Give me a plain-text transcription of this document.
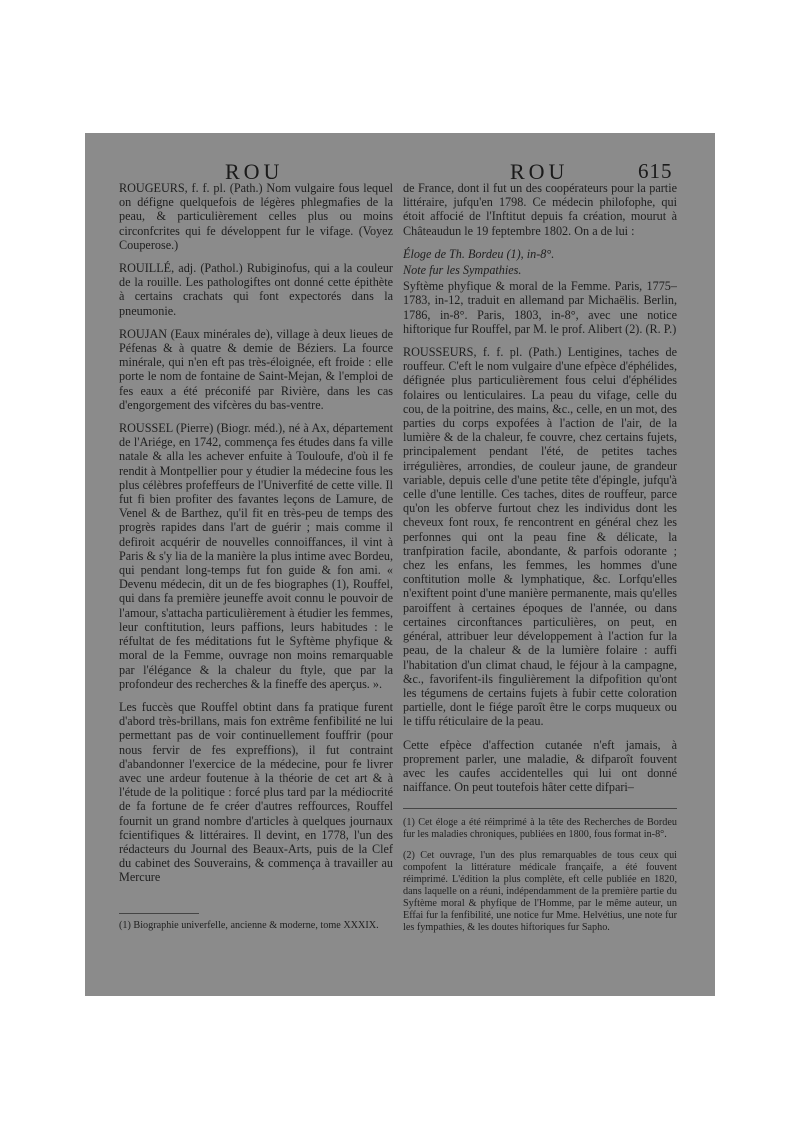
ROU	ROU	615

ROUGEURS, f. f. pl. (Path.) Nom vulgaire fous lequel on défigne quelquefois de légères phlegmafies de la peau, & particulièrement celles plus ou moins circonfcrites qui fe développent fur le vifage. (Voyez Couperose.)

ROUILLÉ, adj. (Pathol.) Rubiginofus, qui a la couleur de la rouille. Les pathologiftes ont donné cette épithète à certains crachats qui font expectorés dans la pneumonie.

ROUJAN (Eaux minérales de), village à deux lieues de Péfenas & à quatre & demie de Béziers. La fource minérale, qui n'en eft pas très-éloignée, eft froide : elle porte le nom de fontaine de Saint-Mejan, & l'emploi de fes eaux a été préconifé par Rivière, dans les cas d'engorgement des vifcères du bas-ventre.

ROUSSEL (Pierre) (Biogr. méd.), né à Ax, département de l'Ariége, en 1742, commença fes études dans fa ville natale & alla les achever enfuite à Touloufe, d'où il fe rendit à Montpellier pour y étudier la médecine fous les plus célèbres profeffeurs de l'Univerfité de cette ville. Il fut fi bien profiter des favantes leçons de Lamure, de Venel & de Barthez, qu'il fit en très-peu de temps des progrès rapides dans l'art de guérir ; mais comme il defiroit acquérir de nouvelles connoiffances, il vint à Paris & s'y lia de la manière la plus intime avec Bordeu, qui pendant long-temps fut fon guide & fon ami. « Devenu médecin, dit un de fes biographes (1), Rouffel, qui dans fa première jeuneffe avoit connu le pouvoir de l'amour, s'attacha particulièrement à étudier les femmes, leur conftitution, leurs paffions, leurs habitudes : le réfultat de fes méditations fut le Syftème phyfique & moral de la Femme, ouvrage non moins remarquable par l'élégance & la chaleur du ftyle, que par la profondeur des recherches & la fineffe des aperçus. ».

Les fuccès que Rouffel obtint dans fa pratique furent d'abord très-brillans, mais fon extrême fenfibilité ne lui permettant pas de voir continuellement fouffrir (pour nous fervir de fes expreffions), il fut contraint d'abandonner l'exercice de la médecine, pour fe livrer avec une ardeur foutenue à la théorie de cet art & à l'étude de la politique : forcé plus tard par la médiocrité de fa fortune de fe créer d'autres reffources, Rouffel fournit un grand nombre d'articles à quelques journaux fcientifiques & littéraires. Il devint, en 1778, l'un des rédacteurs du Journal des Beaux-Arts, puis de la Clef du cabinet des Souverains, & commença à travailler au Mercure

(1) Biographie univerfelle, ancienne & moderne, tome XXXIX.

de France, dont il fut un des coopérateurs pour la partie littéraire, jufqu'en 1798. Ce médecin philofophe, qui étoit affocié de l'Inftitut depuis fa création, mourut à Châteaudun le 19 feptembre 1802. On a de lui :

Éloge de Th. Bordeu (1), in-8°.

Note fur les Sympathies.

Syftème phyfique & moral de la Femme. Paris, 1775–1783, in-12, traduit en allemand par Michaëlis. Berlin, 1786, in-8°. Paris, 1803, in-8°, avec une notice hiftorique fur Rouffel, par M. le prof. Alibert (2). (R. P.)

ROUSSEURS, f. f. pl. (Path.) Lentigines, taches de rouffeur. C'eft le nom vulgaire d'une efpèce d'éphélides, défignée plus particulièrement fous celui d'éphélides folaires ou lenticulaires. La peau du vifage, celle du cou, de la poitrine, des mains, &c., celle, en un mot, des parties du corps expofées à l'action de l'air, de la lumière & de la chaleur, fe couvre, chez certains fujets, principalement pendant l'été, de petites taches irrégulières, arrondies, de couleur jaune, de grandeur variable, depuis celle d'une petite tête d'épingle, jufqu'à celle d'une lentille. Ces taches, dites de rouffeur, parce qu'on les obferve furtout chez les individus dont les cheveux font roux, fe rencontrent en général chez les perfonnes qui ont la peau fine & délicate, la tranfpiration facile, abondante, & parfois odorante ; chez les enfans, les femmes, les hommes d'une conftitution molle & lymphatique, &c. Lorfqu'elles n'exiftent point d'une manière permanente, mais qu'elles paroiffent à certaines époques de l'année, ou dans certaines circonftances particulières, on peut, en général, attribuer leur développement à l'action fur la peau, de la chaleur & de la lumière folaire : auffi l'habitation d'un climat chaud, le féjour à la campagne, &c., favorifent-ils fingulièrement la difpofition qu'ont les tégumens de certains fujets à fubir cette coloration partielle, dont le fiége paroît être le corps muqueux ou le tiffu réticulaire de la peau.

Cette efpèce d'affection cutanée n'eft jamais, à proprement parler, une maladie, & difparoît fouvent avec les caufes accidentelles qui lui ont donné naiffance. On peut toutefois hâter cette difpari–

(1) Cet éloge a été réimprimé à la tête des Recherches de Bordeu fur les maladies chroniques, publiées en 1800, fous format in-8°.

(2) Cet ouvrage, l'un des plus remarquables de tous ceux qui compofent la littérature médicale françaife, a été fouvent réimprimé. L'édition la plus complète, eft celle publiée en 1820, dans laquelle on a réuni, indépendamment de la première partie du Syftème moral & phyfique de l'Homme, par le même auteur, un Effai fur la fenfibilité, une notice fur Mme. Helvétius, une note fur les fympathies, & les doutes hiftoriques fur Sapho.
